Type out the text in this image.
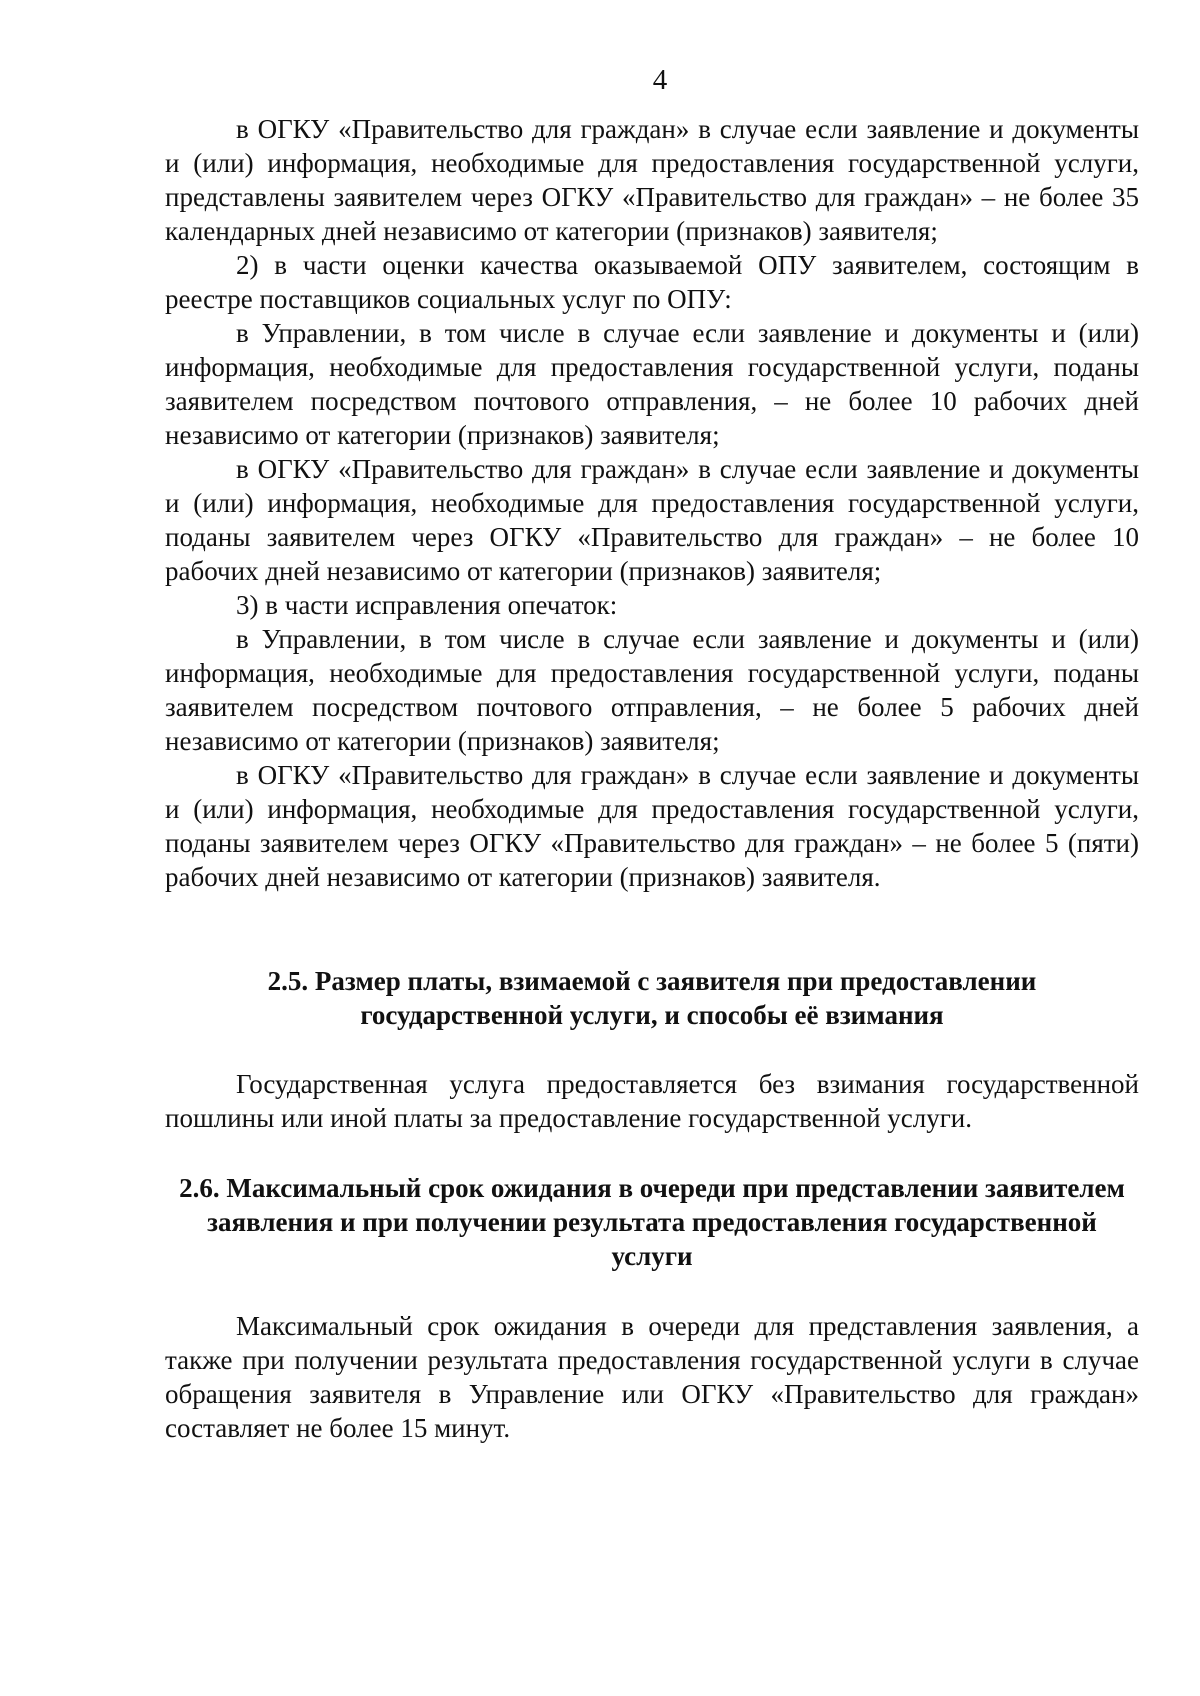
4

в ОГКУ «Правительство для граждан» в случае если заявление и документы и (или) информация, необходимые для предоставления государственной услуги, представлены заявителем через ОГКУ «Правительство для граждан» – не более 35 календарных дней независимо от категории (признаков) заявителя;

2) в части оценки качества оказываемой ОПУ заявителем, состоящим в реестре поставщиков социальных услуг по ОПУ:

в Управлении, в том числе в случае если заявление и документы и (или) информация, необходимые для предоставления государственной услуги, поданы заявителем посредством почтового отправления, – не более 10 рабочих дней независимо от категории (признаков) заявителя;

в ОГКУ «Правительство для граждан» в случае если заявление и документы и (или) информация, необходимые для предоставления государственной услуги, поданы заявителем через ОГКУ «Правительство для граждан» – не более 10 рабочих дней независимо от категории (признаков) заявителя;

3) в части исправления опечаток:

в Управлении, в том числе в случае если заявление и документы и (или) информация, необходимые для предоставления государственной услуги, поданы заявителем посредством почтового отправления, – не более 5 рабочих дней независимо от категории (признаков) заявителя;

в ОГКУ «Правительство для граждан» в случае если заявление и документы и (или) информация, необходимые для предоставления государственной услуги, поданы заявителем через ОГКУ «Правительство для граждан» – не более 5 (пяти) рабочих дней независимо от категории (признаков) заявителя.

2.5. Размер платы, взимаемой с заявителя при предоставлении государственной услуги, и способы её взимания

Государственная услуга предоставляется без взимания государственной пошлины или иной платы за предоставление государственной услуги.

2.6. Максимальный срок ожидания в очереди при представлении заявителем заявления и при получении результата предоставления государственной услуги

Максимальный срок ожидания в очереди для представления заявления, а также при получении результата предоставления государственной услуги в случае обращения заявителя в Управление или ОГКУ «Правительство для граждан» составляет не более 15 минут.
